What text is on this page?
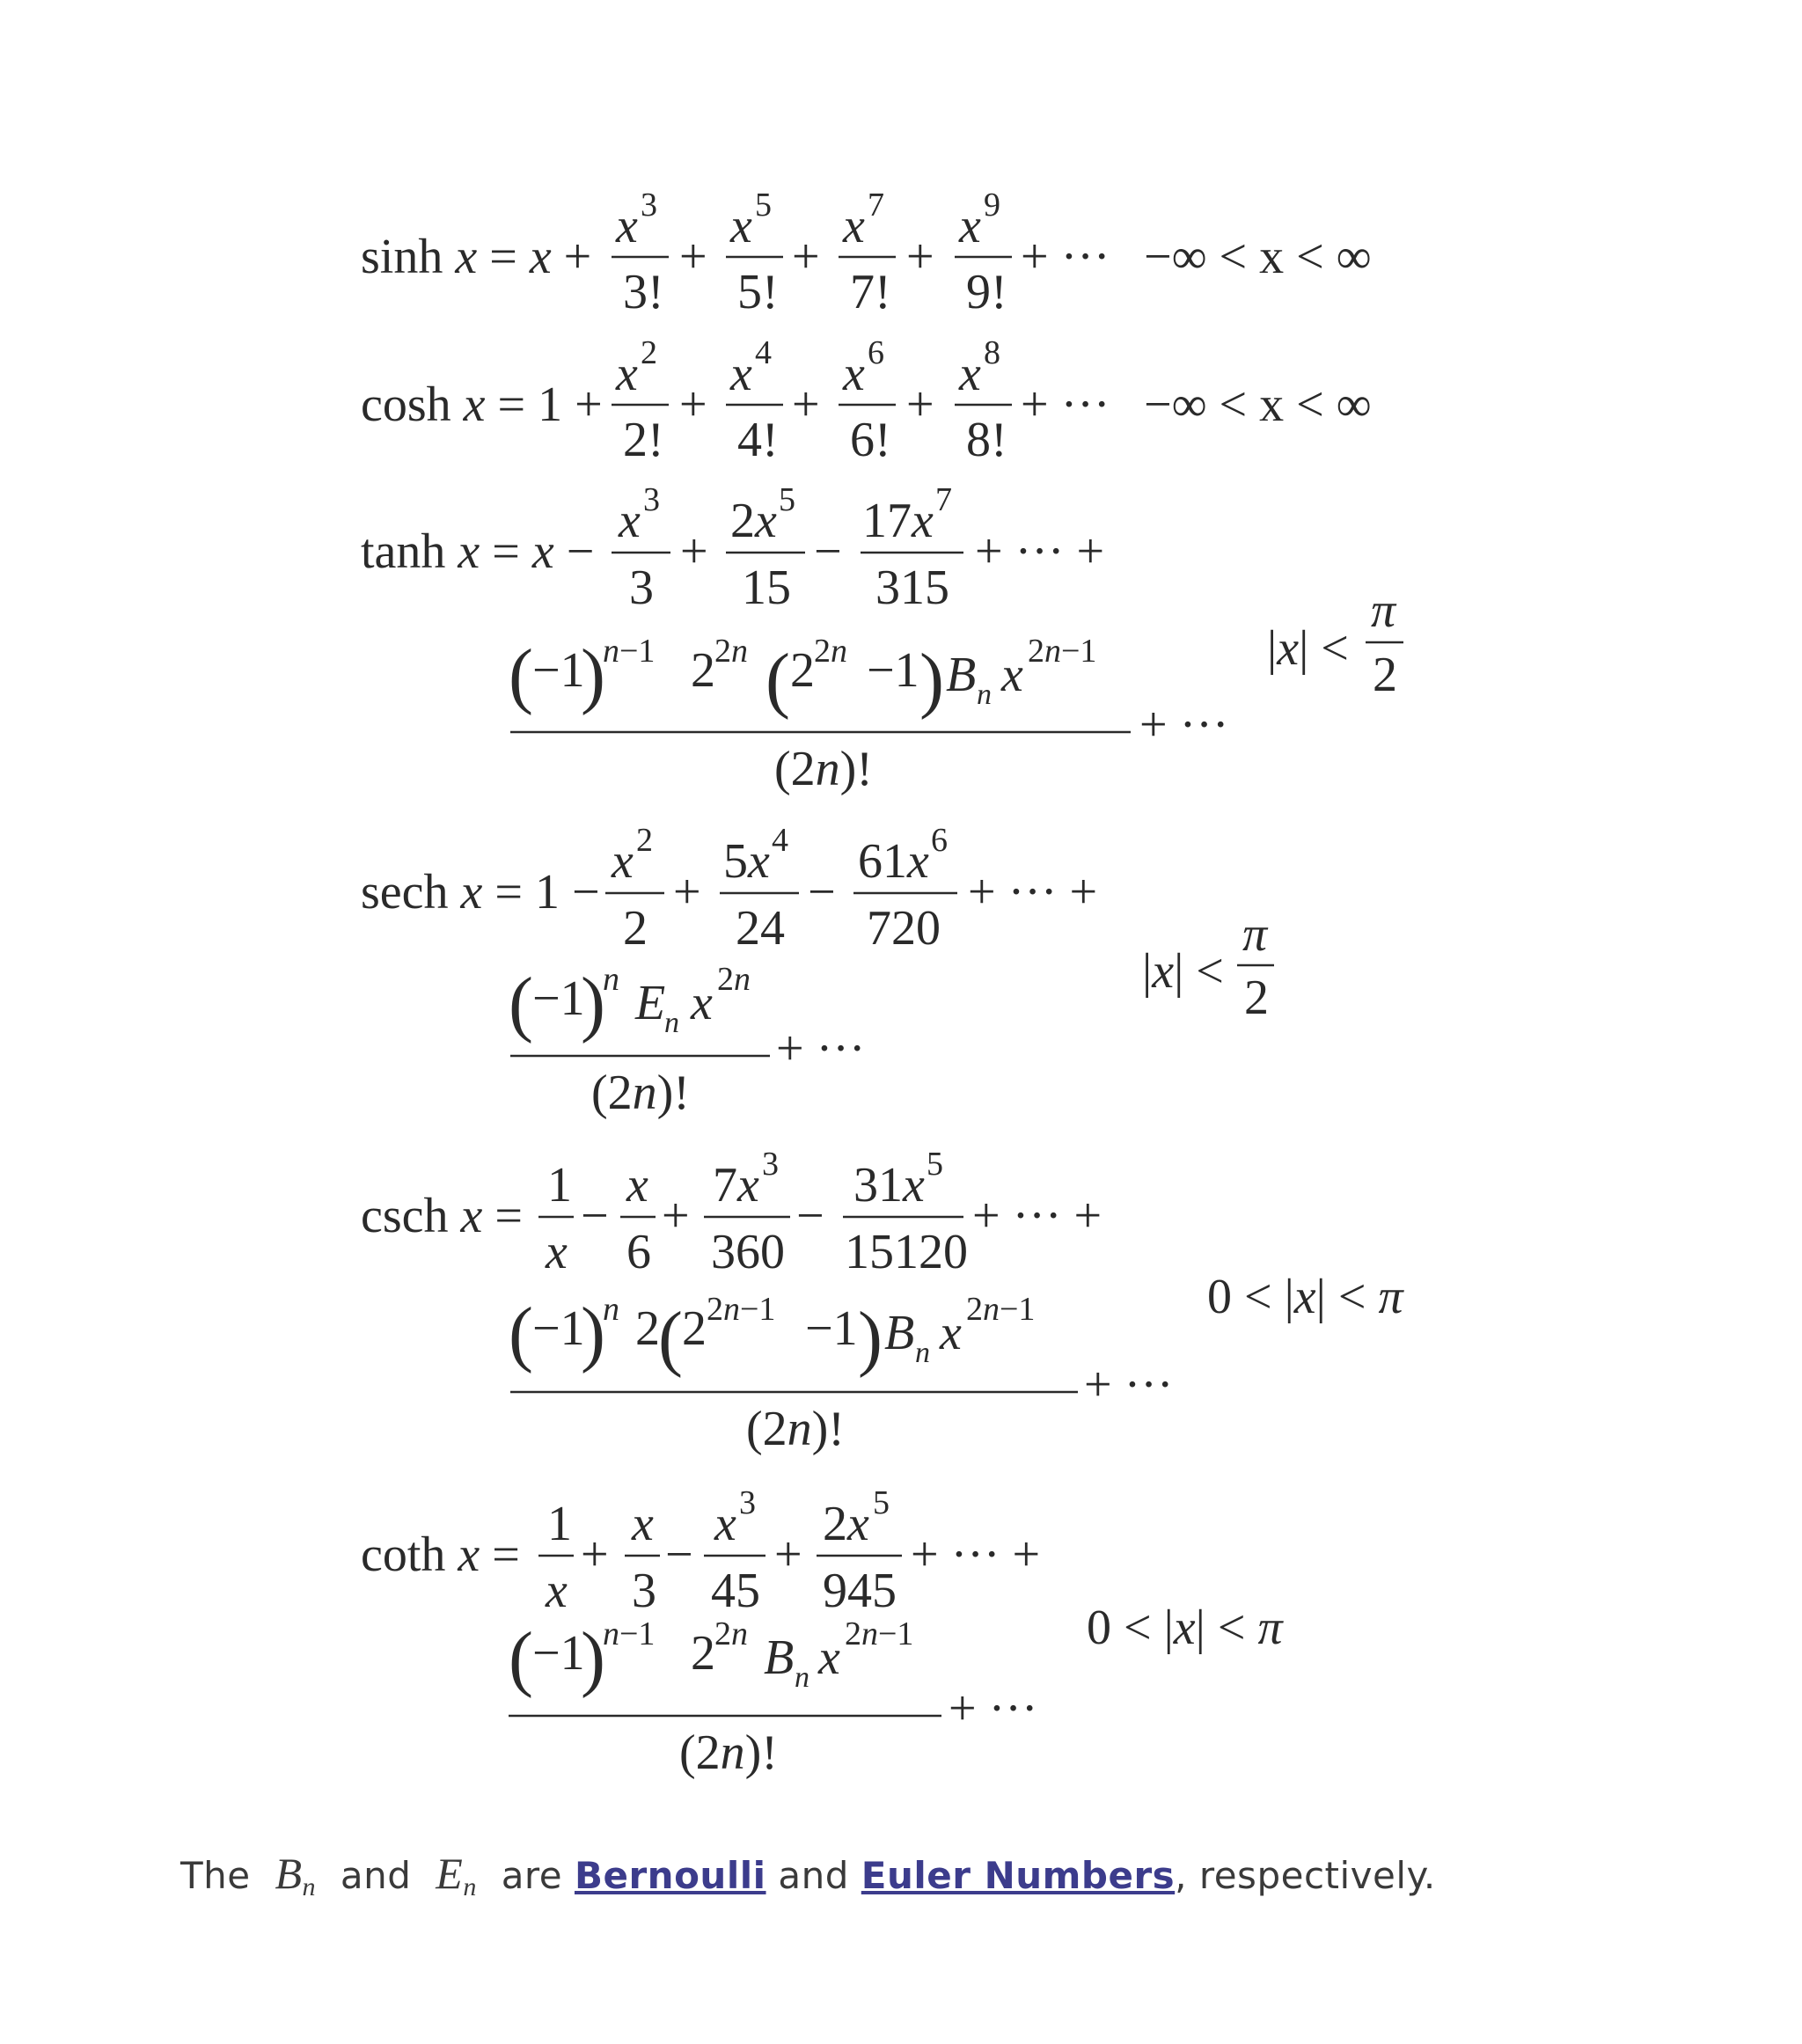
sinh x = x +
x 3
3!
+
x 5
5!
+
x 7
7!
+
x 9
9!
+ ··· −∞ < x < ∞
cosh x = 1 +
x 2
2!
+
x 4
4!
+
x 6
6!
+
x 8
8!
+ ··· −∞ < x < ∞
tanh x = x −
x 3
3
+
2x 5
15
−
17x 7
315
+ ··· +
( −1
)
n−1 2 2n ( 2 2n −1 ) B n x 2n−1
(2n)!
+ ···
|x| <
π
2
sech x = 1 −
x 2
2
+
5x 4
24
−
61x 6
720
+ ··· +
( −1
)
n E
n x 2n
(2n)!
+ ···
|x| <
π
2
csch x =
1
x
−
x
6
+
7x 3
360
−
31x 5
15120
+ ··· +
( −1
)
n 2
( 2 2n−1 −1 ) B n x 2n−1
(2n)!
+ ···
0 < |x| < π
coth x =
1
x
+
x
3
−
x 3
45
+
2x 5
945
+ ··· +
( −1
)
n−1 2 2n B n x 2n−1
(2n)!
+ ···
0 < |x| < π
The $B_n$ and $E_n$ are Bernoulli and Euler Numbers, respectively.
